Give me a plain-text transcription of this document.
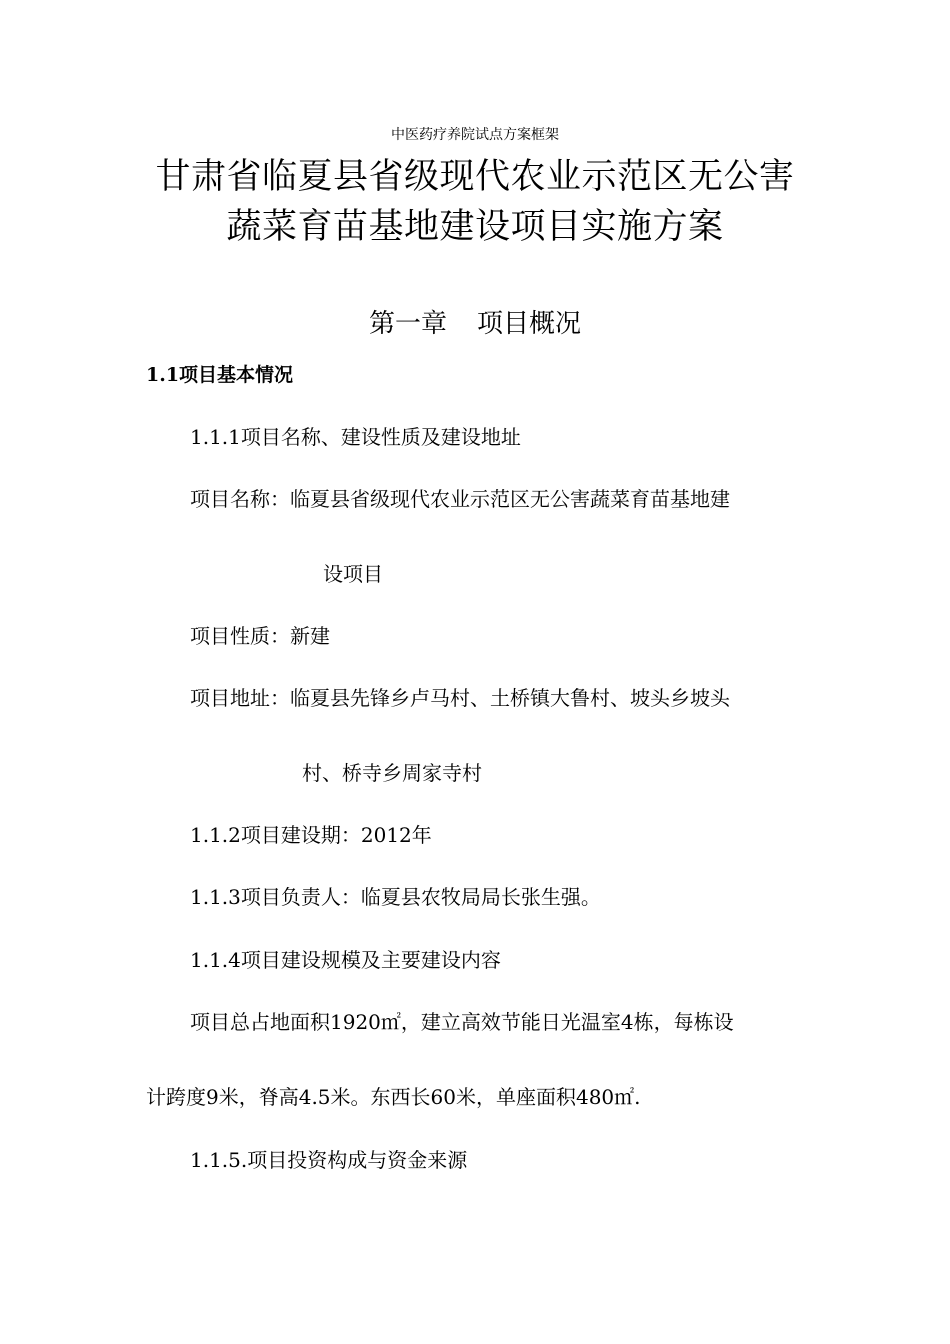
中医药疗养院试点方案框架
甘肃省临夏县省级现代农业示范区无公害
蔬菜育苗基地建设项目实施方案
第一章 项目概况
1.1项目基本情况
1.1.1项目名称、建设性质及建设地址
项目名称：临夏县省级现代农业示范区无公害蔬菜育苗基地建
设项目
项目性质：新建
项目地址：临夏县先锋乡卢马村、土桥镇大鲁村、坡头乡坡头
村、桥寺乡周家寺村
1.1.2项目建设期：2012年
1.1.3项目负责人：临夏县农牧局局长张生强。
1.1.4项目建设规模及主要建设内容
项目总占地面积1920㎡，建立高效节能日光温室4栋，每栋设
计跨度9米，脊高4.5米。东西长60米，单座面积480㎡.
1.1.5.项目投资构成与资金来源
